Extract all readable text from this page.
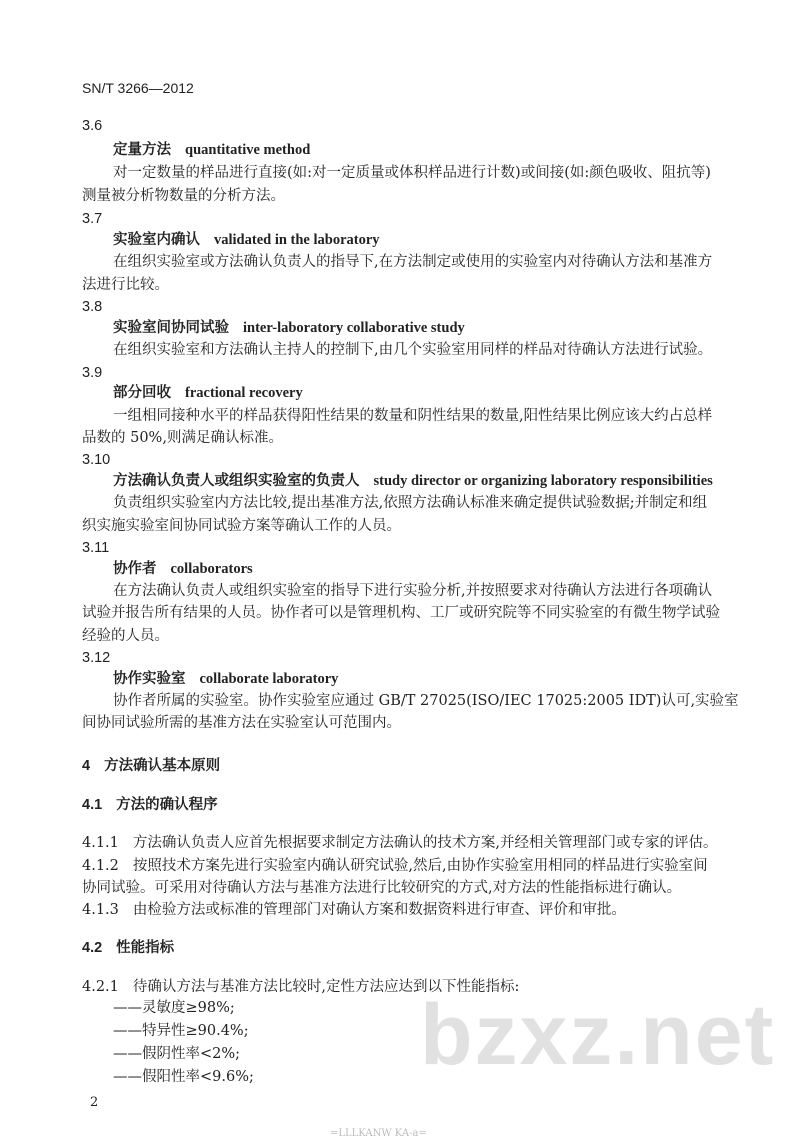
SN/T 3266—2012
3.6
定量方法 quantitative method
对一定数量的样品进行直接(如:对一定质量或体积样品进行计数)或间接(如:颜色吸收、阻抗等)
测量被分析物数量的分析方法。
3.7
实验室内确认 validated in the laboratory
在组织实验室或方法确认负责人的指导下,在方法制定或使用的实验室内对待确认方法和基准方
法进行比较。
3.8
实验室间协同试验 inter-laboratory collaborative study
在组织实验室和方法确认主持人的控制下,由几个实验室用同样的样品对待确认方法进行试验。
3.9
部分回收 fractional recovery
一组相同接种水平的样品获得阳性结果的数量和阴性结果的数量,阳性结果比例应该大约占总样
品数的 50%,则满足确认标准。
3.10
方法确认负责人或组织实验室的负责人 study director or organizing laboratory responsibilities
负责组织实验室内方法比较,提出基准方法,依照方法确认标准来确定提供试验数据;并制定和组
织实施实验室间协同试验方案等确认工作的人员。
3.11
协作者 collaborators
在方法确认负责人或组织实验室的指导下进行实验分析,并按照要求对待确认方法进行各项确认
试验并报告所有结果的人员。协作者可以是管理机构、工厂或研究院等不同实验室的有微生物学试验
经验的人员。
3.12
协作实验室 collaborate laboratory
协作者所属的实验室。协作实验室应通过 GB/T 27025(ISO/IEC 17025:2005 IDT)认可,实验室
间协同试验所需的基准方法在实验室认可范围内。
4 方法确认基本原则
4.1 方法的确认程序
4.1.1 方法确认负责人应首先根据要求制定方法确认的技术方案,并经相关管理部门或专家的评估。
4.1.2 按照技术方案先进行实验室内确认研究试验,然后,由协作实验室用相同的样品进行实验室间
协同试验。可采用对待确认方法与基准方法进行比较研究的方式,对方法的性能指标进行确认。
4.1.3 由检验方法或标准的管理部门对确认方案和数据资料进行审查、评价和审批。
4.2 性能指标
4.2.1 待确认方法与基准方法比较时,定性方法应达到以下性能指标:
——灵敏度≥98%;
——特异性≥90.4%;
——假阴性率<2%;
——假阳性率<9.6%; bzxz.net
2
=LLLKANW KA-a=
